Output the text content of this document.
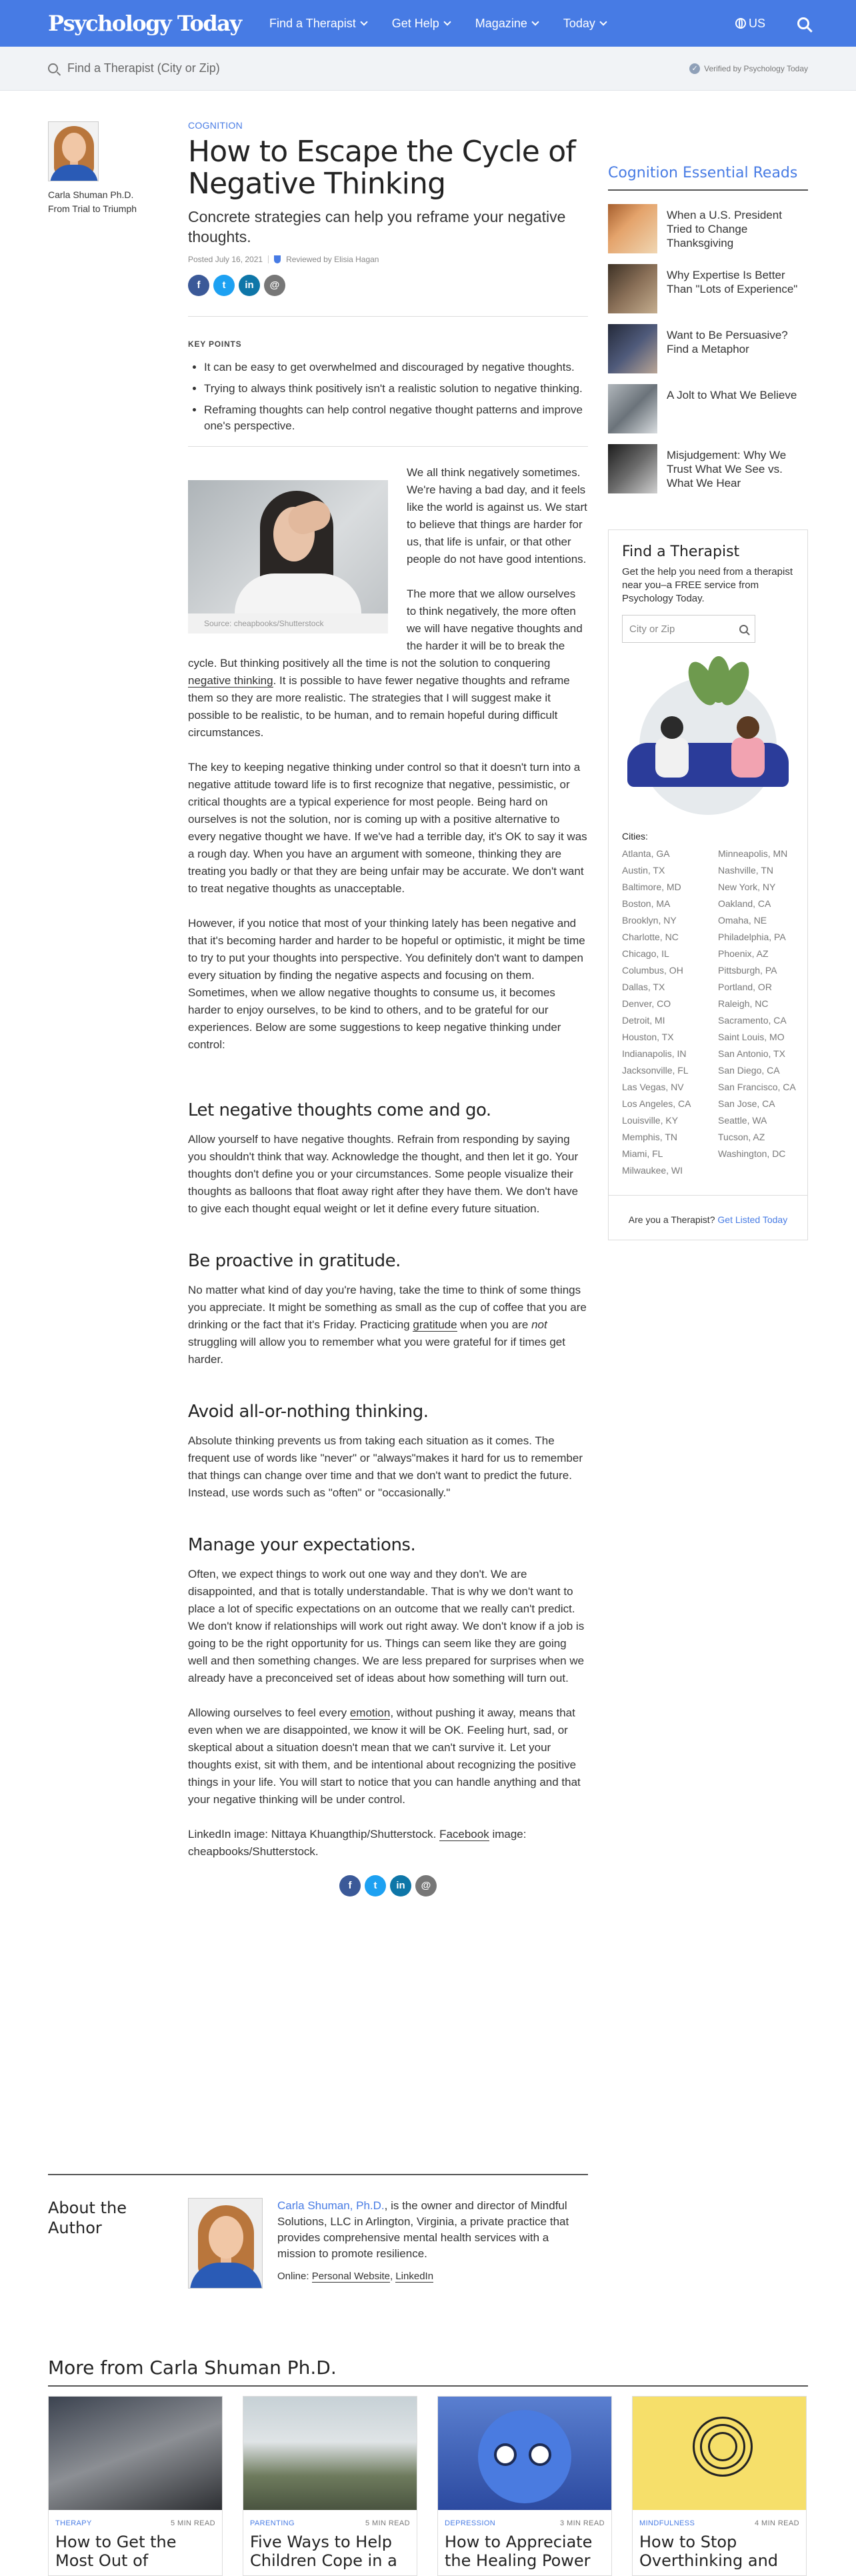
Psychology Today Find a Therapist	Get Help	Magazine	Today	US
Find a Therapist (City or Zip)	✓ Verified by Psychology Today
Carla Shuman Ph.D.
From Trial to Triumph
COGNITION
How to Escape the Cycle of Negative Thinking
Concrete strategies can help you reframe your negative thoughts.
Posted July 16, 2021	Reviewed by Elisia Hagan
f	t	in	@
KEY POINTS
• It can be easy to get overwhelmed and discouraged by negative thoughts.
• Trying to always think positively isn't a realistic solution to negative thinking.
• Reframing thoughts can help control negative thought patterns and improve one's perspective.
Source: cheapbooks/Shutterstock

We all think negatively sometimes. We're having a bad day, and it feels like the world is against us. We start to believe that things are harder for us, that life is unfair, or that other people do not have good intentions.

The more that we allow ourselves to think negatively, the more often we will have negative thoughts and the harder it will be to break the cycle. But thinking positively all the time is not the solution to conquering negative thinking. It is possible to have fewer negative thoughts and reframe them so they are more realistic. The strategies that I will suggest make it possible to be realistic, to be human, and to remain hopeful during difficult circumstances.

The key to keeping negative thinking under control so that it doesn't turn into a negative attitude toward life is to first recognize that negative, pessimistic, or critical thoughts are a typical experience for most people. Being hard on ourselves is not the solution, nor is coming up with a positive alternative to every negative thought we have. If we've had a terrible day, it's OK to say it was a rough day. When you have an argument with someone, thinking they are treating you badly or that they are being unfair may be accurate. We don't want to treat negative thoughts as unacceptable.

However, if you notice that most of your thinking lately has been negative and that it's becoming harder and harder to be hopeful or optimistic, it might be time to try to put your thoughts into perspective. You definitely don't want to dampen every situation by finding the negative aspects and focusing on them. Sometimes, when we allow negative thoughts to consume us, it becomes harder to enjoy ourselves, to be kind to others, and to be grateful for our experiences. Below are some suggestions to keep negative thinking under control:

Let negative thoughts come and go.

Allow yourself to have negative thoughts. Refrain from responding by saying you shouldn't think that way. Acknowledge the thought, and then let it go. Your thoughts don't define you or your circumstances. Some people visualize their thoughts as balloons that float away right after they have them. We don't have to give each thought equal weight or let it define every future situation.

Be proactive in gratitude.

No matter what kind of day you're having, take the time to think of some things you appreciate. It might be something as small as the cup of coffee that you are drinking or the fact that it's Friday. Practicing gratitude when you are not struggling will allow you to remember what you were grateful for if times get harder.

Avoid all-or-nothing thinking.

Absolute thinking prevents us from taking each situation as it comes. The frequent use of words like "never" or "always"makes it hard for us to remember that things can change over time and that we don't want to predict the future. Instead, use words such as "often" or "occasionally."

Manage your expectations.

Often, we expect things to work out one way and they don't. We are disappointed, and that is totally understandable. That is why we don't want to place a lot of specific expectations on an outcome that we really can't predict. We don't know if relationships will work out right away. We don't know if a job is going to be the right opportunity for us. Things can seem like they are going well and then something changes. We are less prepared for surprises when we already have a preconceived set of ideas about how something will turn out.

Allowing ourselves to feel every emotion, without pushing it away, means that even when we are disappointed, we know it will be OK. Feeling hurt, sad, or skeptical about a situation doesn't mean that we can't survive it. Let your thoughts exist, sit with them, and be intentional about recognizing the positive things in your life. You will start to notice that you can handle anything and that your negative thinking will be under control.

LinkedIn image: Nittaya Khuangthip/Shutterstock. Facebook image: cheapbooks/Shutterstock.

f	t	in	@
About the Author
Carla Shuman, Ph.D., is the owner and director of Mindful Solutions, LLC in Arlington, Virginia, a private practice that provides comprehensive mental health services with a mission to promote resilience.
Online: Personal Website, LinkedIn
More from Carla Shuman Ph.D.
THERAPY	5 MIN READ
How to Get the Most Out of
PARENTING	5 MIN READ
Five Ways to Help Children Cope in a
DEPRESSION	3 MIN READ
How to Appreciate the Healing Power
MINDFULNESS	4 MIN READ
How to Stop Overthinking and
Cognition Essential Reads
When a U.S. President Tried to Change Thanksgiving
Why Expertise Is Better Than "Lots of Experience"
Want to Be Persuasive? Find a Metaphor
A Jolt to What We Believe
Misjudgement: Why We Trust What We See vs. What We Hear
Find a Therapist
Get the help you need from a therapist near you–a FREE service from Psychology Today.
City or Zip
Cities:
Atlanta, GA	Minneapolis, MN
Austin, TX	Nashville, TN
Baltimore, MD	New York, NY
Boston, MA	Oakland, CA
Brooklyn, NY	Omaha, NE
Charlotte, NC	Philadelphia, PA
Chicago, IL	Phoenix, AZ
Columbus, OH	Pittsburgh, PA
Dallas, TX	Portland, OR
Denver, CO	Raleigh, NC
Detroit, MI	Sacramento, CA
Houston, TX	Saint Louis, MO
Indianapolis, IN	San Antonio, TX
Jacksonville, FL	San Diego, CA
Las Vegas, NV	San Francisco, CA
Los Angeles, CA	San Jose, CA
Louisville, KY	Seattle, WA
Memphis, TN	Tucson, AZ
Miami, FL	Washington, DC
Milwaukee, WI
Are you a Therapist? Get Listed Today
